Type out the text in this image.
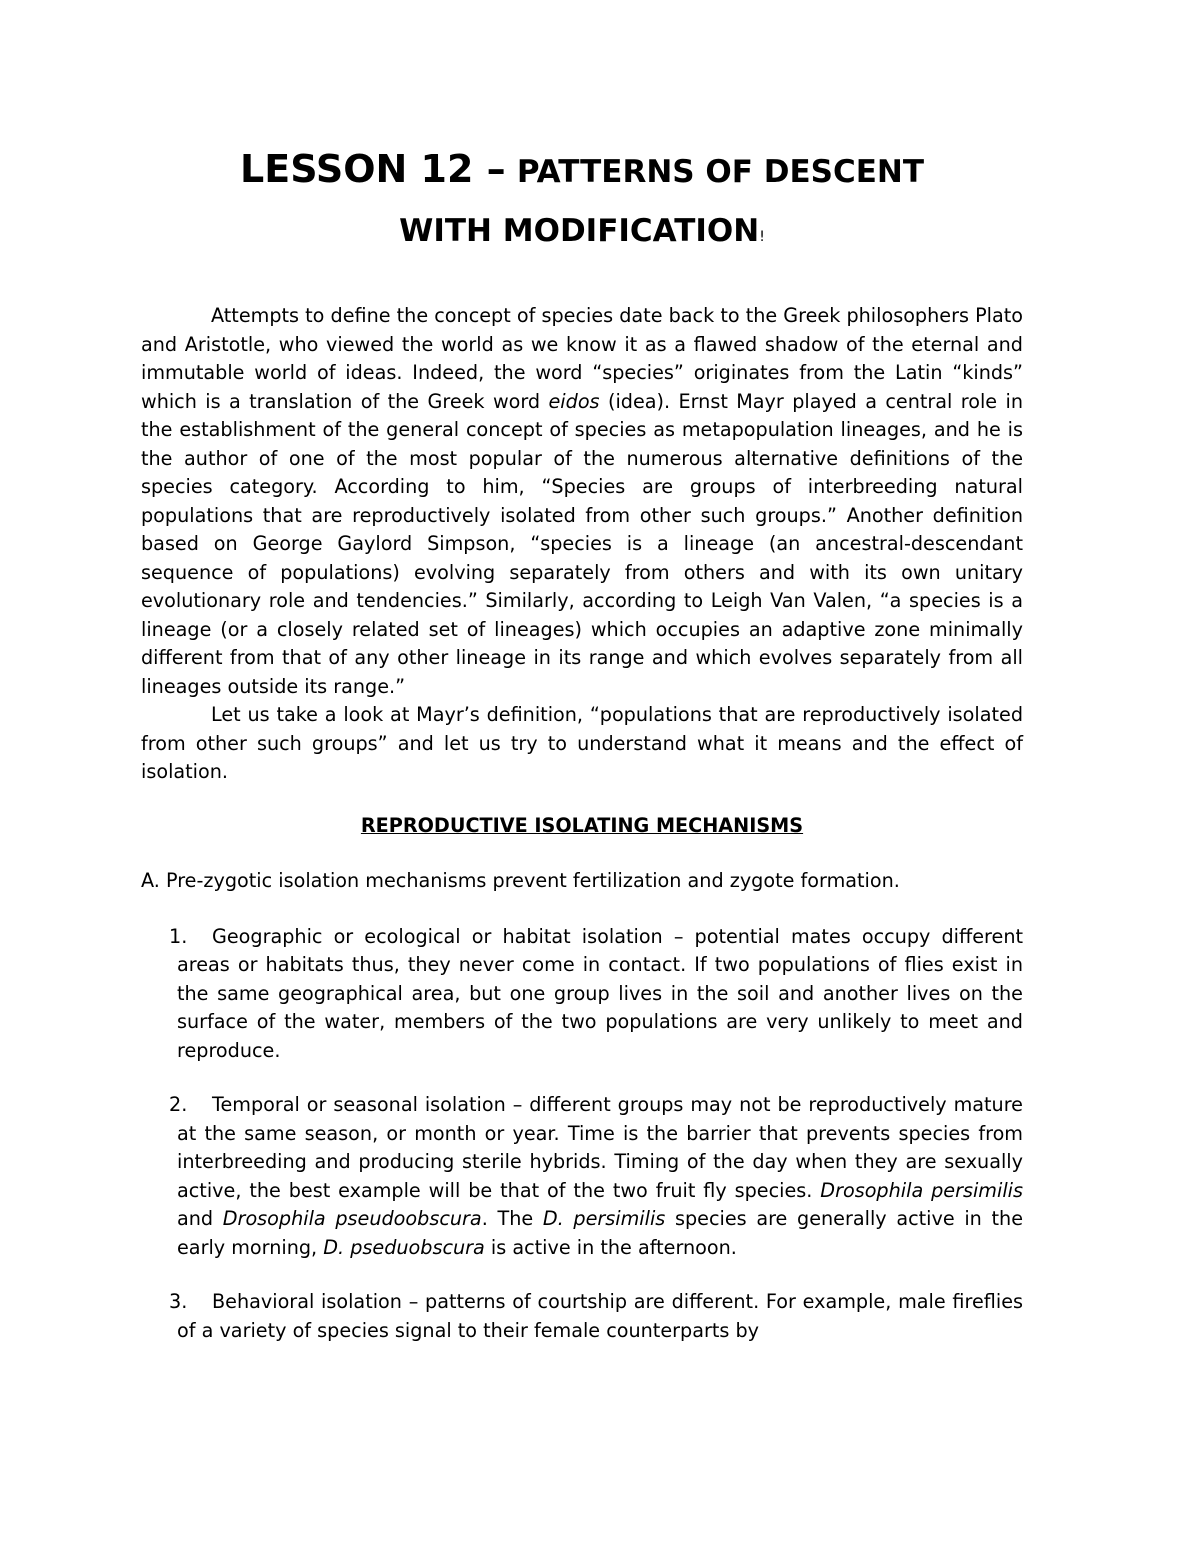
LESSON 12 – PATTERNS OF DESCENT
WITH MODIFICATION!

Attempts to define the concept of species date back to the Greek philosophers Plato and Aristotle, who viewed the world as we know it as a flawed shadow of the eternal and immutable world of ideas. Indeed, the word “species” originates from the Latin “kinds” which is a translation of the Greek word eidos (idea). Ernst Mayr played a central role in the establishment of the general concept of species as metapopulation lineages, and he is the author of one of the most popular of the numerous alternative definitions of the species category. According to him, “Species are groups of interbreeding natural populations that are reproductively isolated from other such groups.” Another definition based on George Gaylord Simpson, “species is a lineage (an ancestral-descendant sequence of populations) evolving separately from others and with its own unitary evolutionary role and tendencies.” Similarly, according to Leigh Van Valen, “a species is a lineage (or a closely related set of lineages) which occupies an adaptive zone minimally different from that of any other lineage in its range and which evolves separately from all lineages outside its range.”

Let us take a look at Mayr’s definition, “populations that are reproductively isolated from other such groups” and let us try to understand what it means and the effect of isolation.

REPRODUCTIVE ISOLATING MECHANISMS

A. Pre-zygotic isolation mechanisms prevent fertilization and zygote formation.

1. Geographic or ecological or habitat isolation – potential mates occupy different areas or habitats thus, they never come in contact. If two populations of flies exist in the same geographical area, but one group lives in the soil and another lives on the surface of the water, members of the two populations are very unlikely to meet and reproduce.
2. Temporal or seasonal isolation – different groups may not be reproductively mature at the same season, or month or year. Time is the barrier that prevents species from interbreeding and producing sterile hybrids. Timing of the day when they are sexually active, the best example will be that of the two fruit fly species. Drosophila persimilis and Drosophila pseudoobscura. The D. persimilis species are generally active in the early morning, D. pseduobscura is active in the afternoon.
3. Behavioral isolation – patterns of courtship are different. For example, male fireflies of a variety of species signal to their female counterparts by
